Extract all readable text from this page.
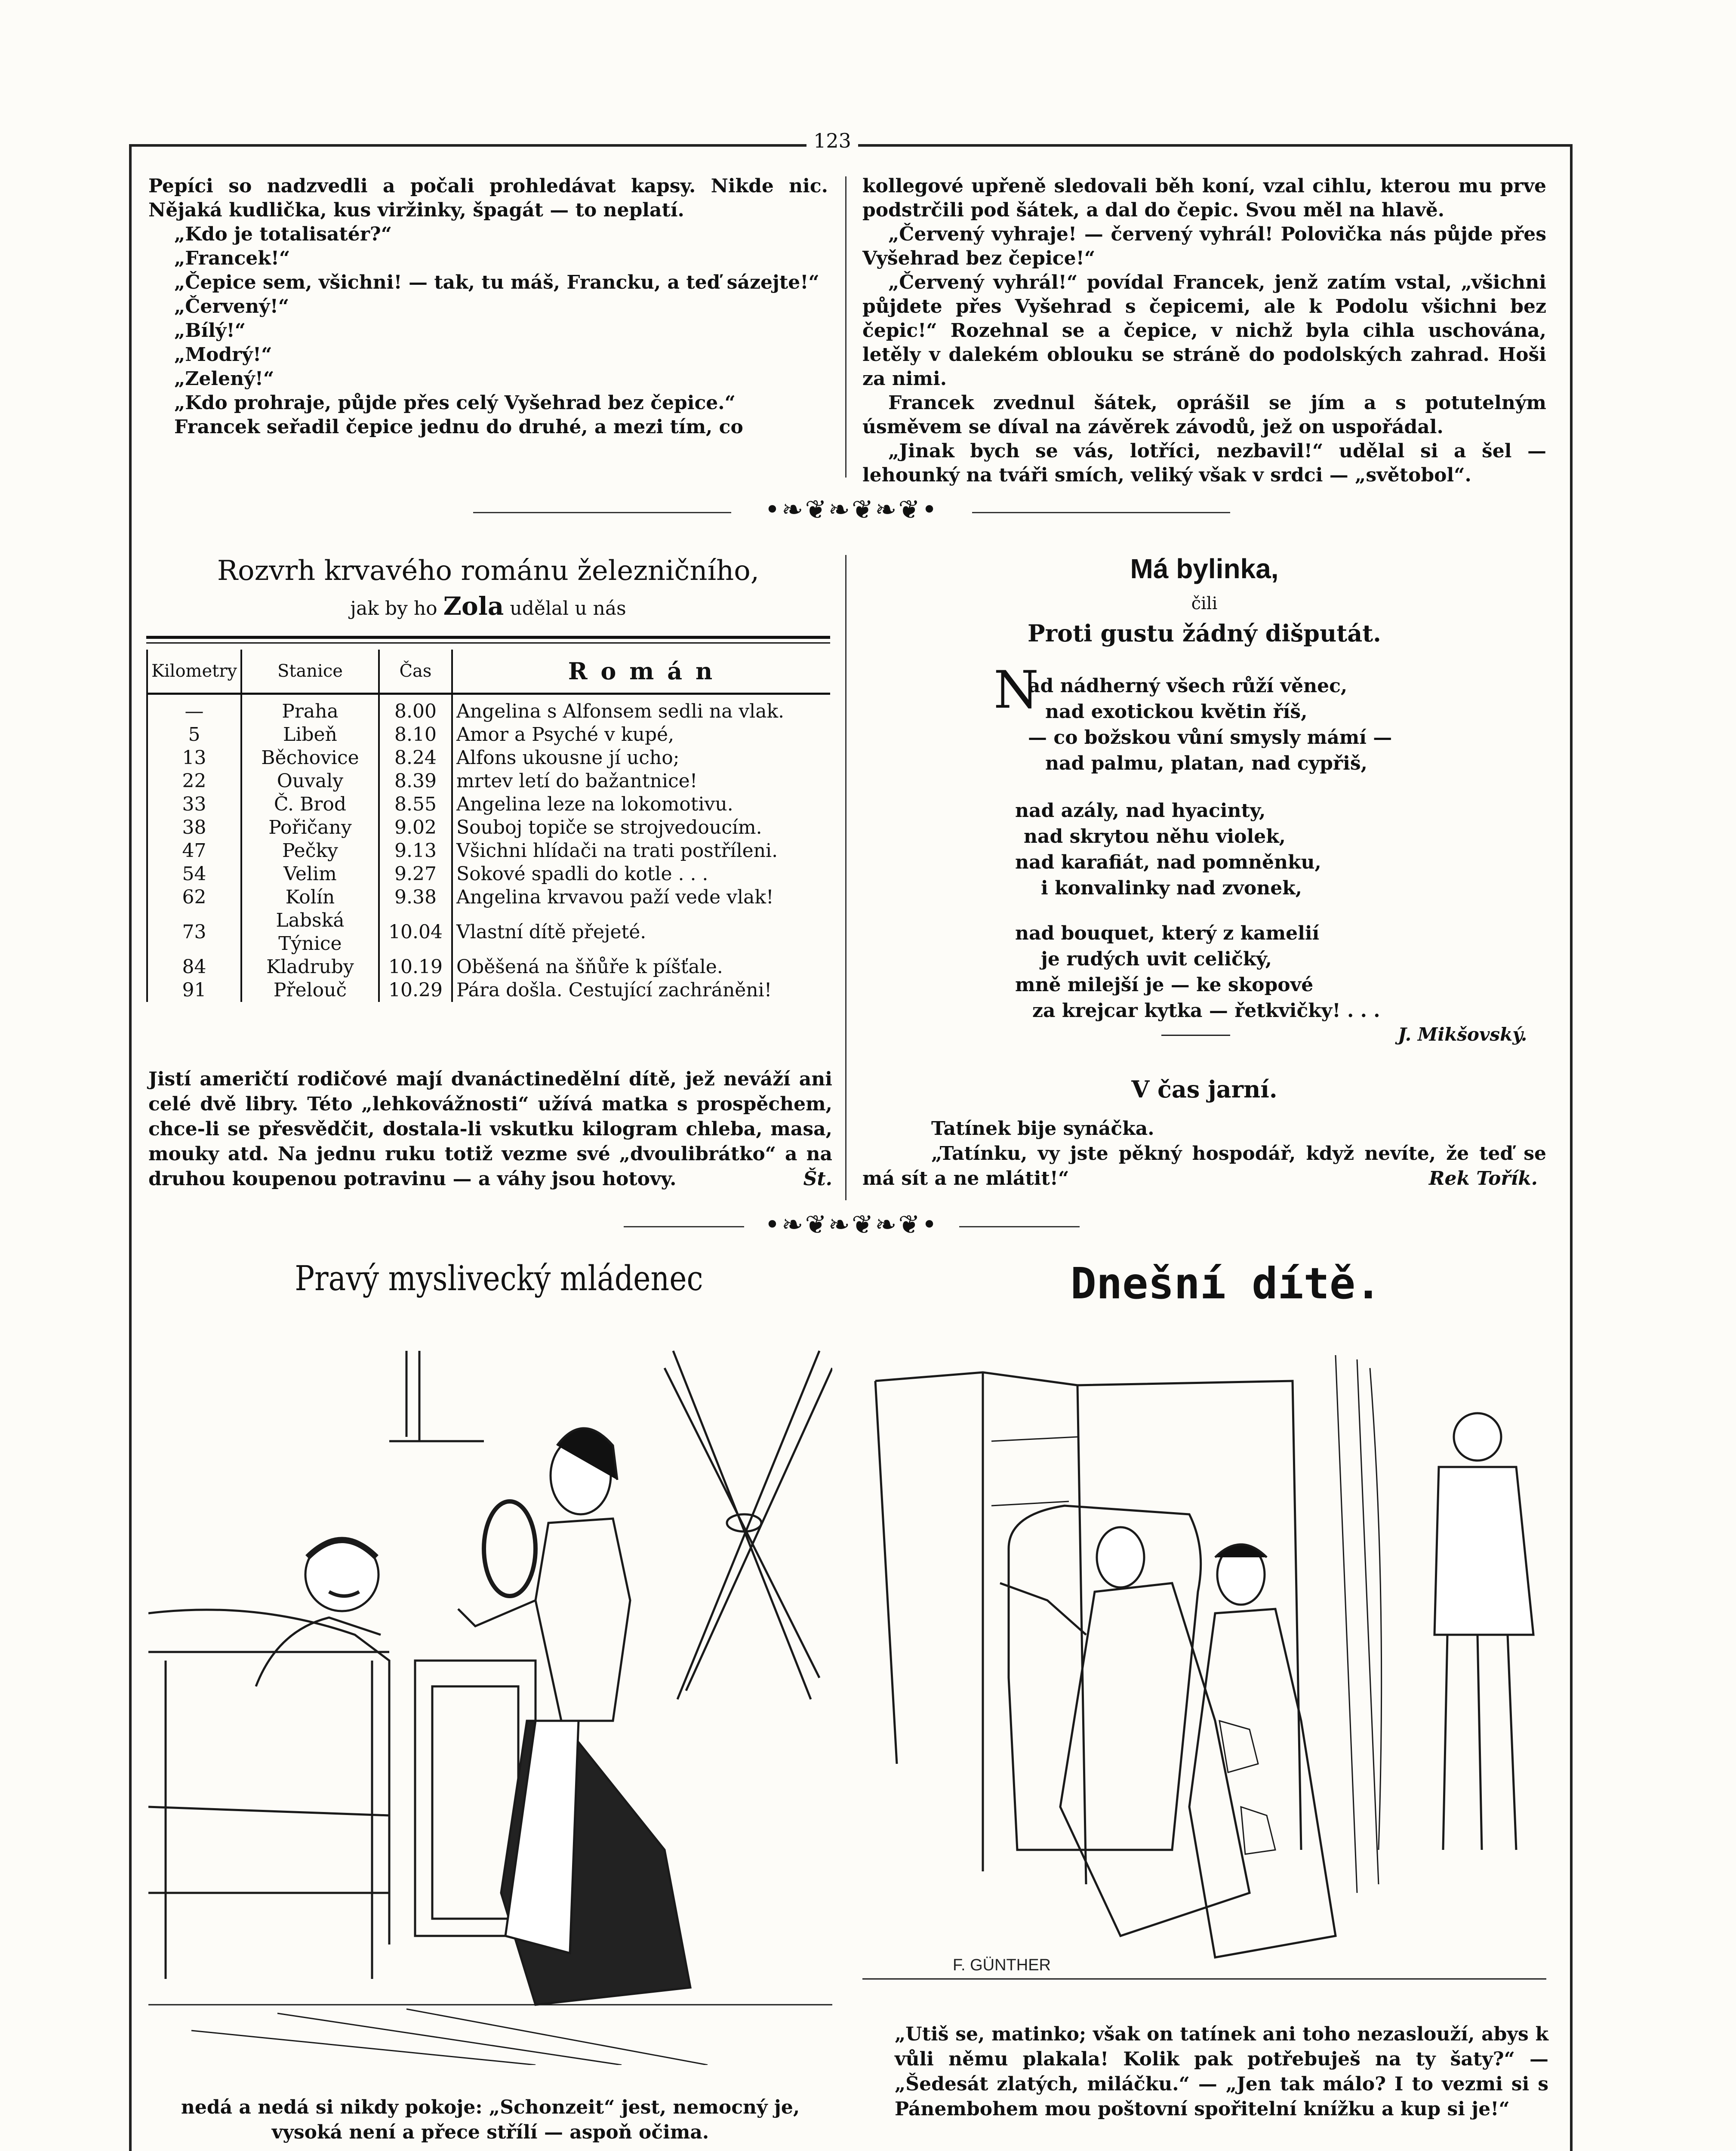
123

Pepíci so nadzvedli a počali prohledávat kapsy. Nikde nic. Nějaká kudlička, kus viržinky, špagát — to neplatí.

„Kdo je totalisatér?“

„Francek!“

„Čepice sem, všichni! — tak, tu máš, Francku, a teď sázejte!“

„Červený!“

„Bílý!“

„Modrý!“

„Zelený!“

„Kdo prohraje, půjde přes celý Vyšehrad bez čepice.“

Francek seřadil čepice jednu do druhé, a mezi tím, co

kollegové upřeně sledovali běh koní, vzal cihlu, kterou mu prve podstrčili pod šátek, a dal do čepic. Svou měl na hlavě.

„Červený vyhraje! — červený vyhrál! Polovička nás půjde přes Vyšehrad bez čepice!“

„Červený vyhrál!“ povídal Francek, jenž zatím vstal, „všichni půjdete přes Vyšehrad s čepicemi, ale k Podolu všichni bez čepic!“ Rozehnal se a čepice, v nichž byla cihla uschována, letěly v dalekém oblouku se stráně do podolských zahrad. Hoši za nimi.

Francek zvednul šátek, oprášil se jím a s potutelným úsměvem se díval na závěrek závodů, jež on uspořádal.

„Jinak bych se vás, lotříci, nezbavil!“ udělal si a šel — lehounký na tváři smích, veliký však v srdci — „světobol“.

•❧❦❧❦❧❦•
Rozvrh krvavého románu železničního,
jak by ho Zola udělal u nás
Kilometry	Stanice	Čas	R o m á n
—	Praha	8.00	Angelina s Alfonsem sedli na vlak.
5	Libeň	8.10	Amor a Psyché v kupé,
13	Běchovice	8.24	Alfons ukousne jí ucho;
22	Ouvaly	8.39	mrtev letí do bažantnice!
33	Č. Brod	8.55	Angelina leze na lokomotivu.
38	Pořičany	9.02	Souboj topiče se strojvedoucím.
47	Pečky	9.13	Všichni hlídači na trati postříleni.
54	Velim	9.27	Sokové spadli do kotle . . .
62	Kolín	9.38	Angelina krvavou paží vede vlak!
73	Labská Týnice	10.04	Vlastní dítě přejeté.
84	Kladruby	10.19	Oběšená na šňůře k píšťale.
91	Přelouč	10.29	Pára došla. Cestující zachráněni!
Jistí američtí rodičové mají dvanáctinedělní dítě, jež neváží ani celé dvě libry. Této „lehkovážnosti“ užívá matka s prospěchem, chce-li se přesvědčit, dostala-li vskutku kilogram chleba, masa, mouky atd. Na jednu ruku totiž vezme své „dvoulibrátko“ a na druhou koupenou potravinu — a váhy jsou hotovy.	Št.
Má bylinka,
čili
Proti gustu žádný dišputát.
N
ad nádherný všech růží věnec,
nad exotickou květin říš,
— co božskou vůní smysly mámí —
nad palmu, platan, nad cypřiš,
nad azály, nad hyacinty,
nad skrytou něhu violek,
nad karafiát, nad pomněnku,
i konvalinky nad zvonek,
nad bouquet, který z kamelií
je rudých uvit celičký,
mně milejší je — ke skopové
za krejcar kytka — řetkvičky! . . .
J. Mikšovský.
V čas jarní.
Tatínek bije synáčka.
„Tatínku, vy jste pěkný hospodář, když nevíte, že teď se má sít a ne mlátit!“	Rek Tořík.
•❧❦❧❦❧❦•
Pravý myslivecký mládenec	Dnešní dítě.
F. GÜNTHER
nedá a nedá si nikdy pokoje: „Schonzeit“ jest, nemocný je, vysoká není a přece střílí — aspoň očima.
„Utiš se, matinko; však on tatínek ani toho nezaslouží, abys k vůli němu plakala! Kolik pak potřebuješ na ty šaty?“ — „Šedesát zlatých, miláčku.“ — „Jen tak málo? I to vezmi si s Pánembohem mou poštovní spořitelní knížku a kup si je!“
